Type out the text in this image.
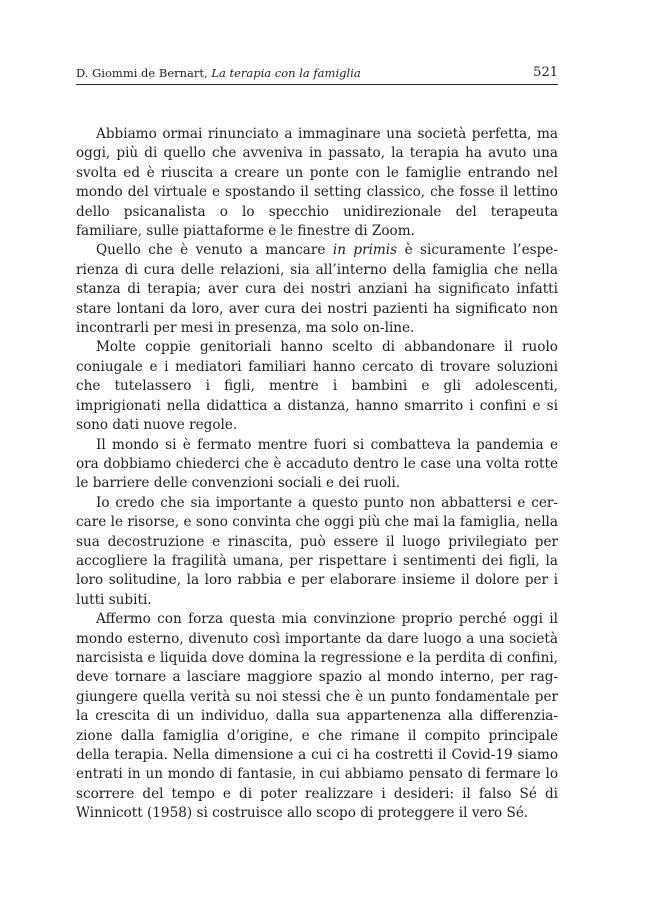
D. Giommi de Bernart, La terapia con la famiglia	521

Abbiamo ormai rinunciato a immaginare una società perfetta, ma oggi, più di quello che avveniva in passato, la terapia ha avuto una svolta ed è riuscita a creare un ponte con le famiglie entrando nel mondo del virtuale e spostando il setting classico, che fosse il lettino dello psicanalista o lo specchio unidirezionale del terapeuta familiare, sulle piattaforme e le finestre di Zoom.

Quello che è venuto a mancare in primis è sicuramente l’esperienza di cura delle relazioni, sia all’interno della famiglia che nella stanza di terapia; aver cura dei nostri anziani ha significato infatti stare lontani da loro, aver cura dei nostri pazienti ha significato non incontrarli per mesi in presenza, ma solo on-line.

Molte coppie genitoriali hanno scelto di abbandonare il ruolo coniugale e i mediatori familiari hanno cercato di trovare soluzioni che tutelassero i figli, mentre i bambini e gli adolescenti, imprigionati nella didattica a distanza, hanno smarrito i confini e si sono dati nuove regole.

Il mondo si è fermato mentre fuori si combatteva la pandemia e ora dobbiamo chiederci che è accaduto dentro le case una volta rotte le barriere delle convenzioni sociali e dei ruoli.

Io credo che sia importante a questo punto non abbattersi e cercare le risorse, e sono convinta che oggi più che mai la famiglia, nella sua decostruzione e rinascita, può essere il luogo privilegiato per accogliere la fragilità umana, per rispettare i sentimenti dei figli, la loro solitudine, la loro rabbia e per elaborare insieme il dolore per i lutti subiti.

Affermo con forza questa mia convinzione proprio perché oggi il mondo esterno, divenuto così importante da dare luogo a una società narcisista e liquida dove domina la regressione e la perdita di confini, deve tornare a lasciare maggiore spazio al mondo interno, per raggiungere quella verità su noi stessi che è un punto fondamentale per la crescita di un individuo, dalla sua appartenenza alla differenziazione dalla famiglia d’origine, e che rimane il compito principale della terapia. Nella dimensione a cui ci ha costretti il Covid-19 siamo entrati in un mondo di fantasie, in cui abbiamo pensato di fermare lo scorrere del tempo e di poter realizzare i desideri: il falso Sé di Winnicott (1958) si costruisce allo scopo di proteggere il vero Sé.
